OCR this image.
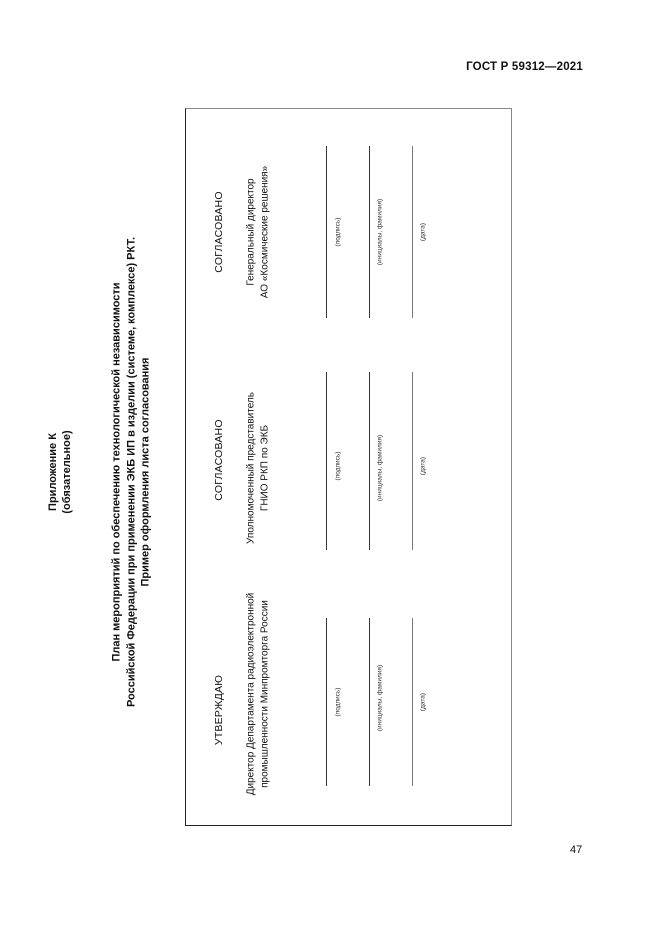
ГОСТ Р 59312—2021
Приложение К (обязательное)	План мероприятий по обеспечению технологической независимости Российской Федерации при применении ЭКБ ИП в изделии (системе, комплексе) РКТ. Пример оформления листа согласования
УТВЕРЖДАЮ Директор Департамента радиоэлектронной промышленности Минпромторга России	(подпись)	(инициалы, фамилия)	(дата)
СОГЛАСОВАНО Уполномоченный представитель ГНИО РКП по ЭКБ	(подпись)	(инициалы, фамилия)	(дата)
СОГЛАСОВАНО Генеральный директор АО «Космические решения»	(подпись)	(инициалы, фамилия)	(дата)
47
